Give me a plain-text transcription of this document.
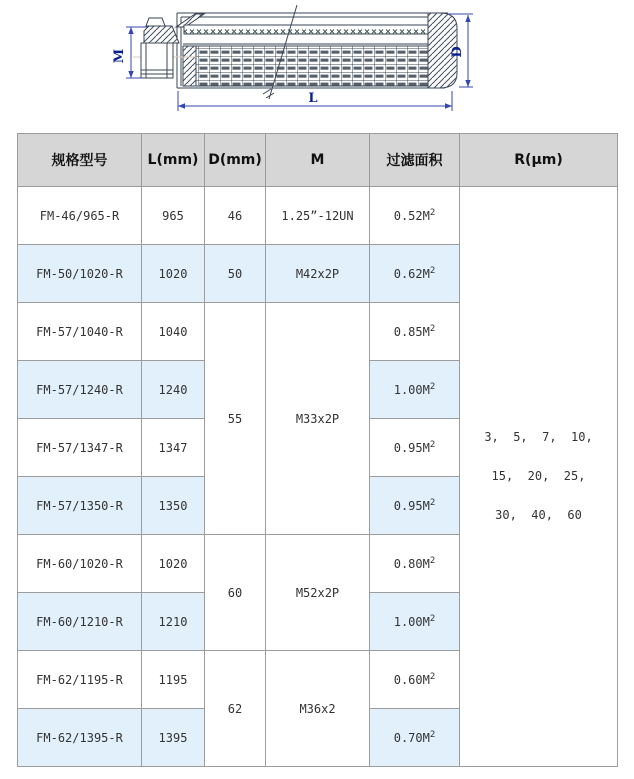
M	D
L
规格型号	L(mm)	D(mm)	M	过滤面积	R(μm)
FM-46/965-R	965	46	1.25”-12UN	$0.52M^2$	3,  5,  7,  10,
15,  20,  25,
30,  40,  60

FM-50/1020-R	1020	50	M42x2P	$0.62M^2$
FM-57/1040-R	1040	55	M33x2P	$0.85M^2$
FM-57/1240-R	1240			$1.00M^2$
FM-57/1347-R	1347			$0.95M^2$
FM-57/1350-R	1350			$0.95M^2$
FM-60/1020-R	1020	60	M52x2P	$0.80M^2$
FM-60/1210-R	1210			$1.00M^2$
FM-62/1195-R	1195	62	M36x2	$0.60M^2$
FM-62/1395-R	1395			$0.70M^2$
